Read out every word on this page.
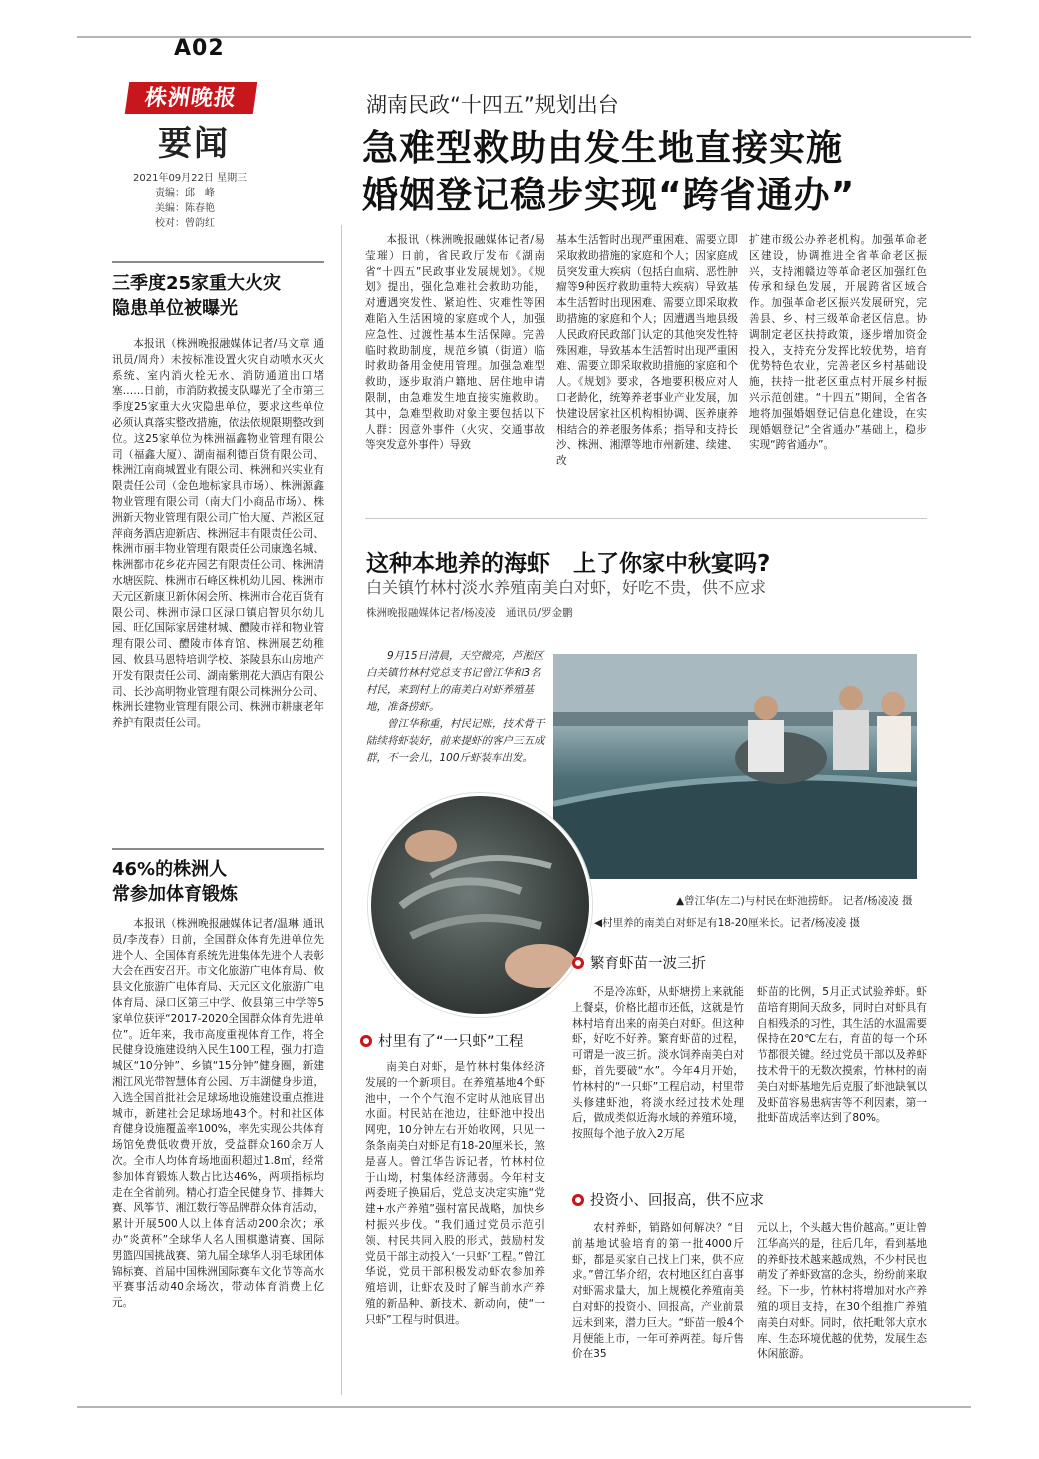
A02
株洲晚报
要闻
2021年09月22日 星期三
责编：邱　峰
美编：陈春艳
校对：曾韵红
湖南民政“十四五”规划出台
急难型救助由发生地直接实施
婚姻登记稳步实现“跨省通办”

本报讯（株洲晚报融媒体记者/易莹璀）日前，省民政厅发布《湖南省“十四五”民政事业发展规划》。《规划》提出，强化急难社会救助功能，对遭遇突发性、紧迫性、灾难性等困难陷入生活困境的家庭或个人，加强应急性、过渡性基本生活保障。完善临时救助制度，规范乡镇（街道）临时救助备用金使用管理。加强急难型救助，逐步取消户籍地、居住地申请限制，由急难发生地直接实施救助。其中，急难型救助对象主要包括以下人群：因意外事件（火灾、交通事故等突发意外事件）导致

基本生活暂时出现严重困难、需要立即采取救助措施的家庭和个人；因家庭成员突发重大疾病（包括白血病、恶性肿瘤等9种医疗救助重特大疾病）导致基本生活暂时出现困难、需要立即采取救助措施的家庭和个人；因遭遇当地县级人民政府民政部门认定的其他突发性特殊困难，导致基本生活暂时出现严重困难、需要立即采取救助措施的家庭和个人。《规划》要求，各地要积极应对人口老龄化，统筹养老事业产业发展，加快建设居家社区机构相协调、医养康养相结合的养老服务体系；指导和支持长沙、株洲、湘潭等地市州新建、续建、改

扩建市级公办养老机构。加强革命老区建设，协调推进全省革命老区振兴，支持湘赣边等革命老区加强红色传承和绿色发展，开展跨省区域合作。加强革命老区振兴发展研究，完善县、乡、村三级革命老区信息。协调制定老区扶持政策，逐步增加资金投入，支持充分发挥比较优势，培育优势特色农业，完善老区乡村基础设施，扶持一批老区重点村开展乡村振兴示范创建。“十四五”期间，全省各地将加强婚姻登记信息化建设，在实现婚姻登记“全省通办”基础上，稳步实现“跨省通办”。

三季度25家重大火灾
隐患单位被曝光

本报讯（株洲晚报融媒体记者/马文章 通讯员/周舟）未按标准设置火灾自动喷水灭火系统、室内消火栓无水、消防通道出口堵塞……日前，市消防救援支队曝光了全市第三季度25家重大火灾隐患单位，要求这些单位必须认真落实整改措施，依法依规限期整改到位。这25家单位为株洲福鑫物业管理有限公司（福鑫大厦）、湖南福利德百货有限公司、株洲江南商城置业有限公司、株洲和兴实业有限责任公司（金色地标家具市场）、株洲源鑫物业管理有限公司（南大门小商品市场）、株洲新天物业管理有限公司广怡大厦、芦淞区冠萍商务酒店迎新店、株洲冠丰有限责任公司、株洲市丽丰物业管理有限责任公司康逸名城、株洲都市花乡花卉园艺有限责任公司、株洲清水塘医院、株洲市石峰区株机幼儿园、株洲市天元区新康卫新休闲会所、株洲市合花百货有限公司、株洲市渌口区渌口镇启智贝尔幼儿园、旺亿国际家居建材城、醴陵市祥和物业管理有限公司、醴陵市体育馆、株洲展艺幼稚园、攸县马恩特培训学校、茶陵县东山房地产开发有限责任公司、湖南紫荆花大酒店有限公司、长沙高明物业管理有限公司株洲分公司、株洲长建物业管理有限公司、株洲市耕康老年养护有限责任公司。

46%的株洲人
常参加体育锻炼

本报讯（株洲晚报融媒体记者/温琳 通讯员/李茂春）日前，全国群众体育先进单位先进个人、全国体育系统先进集体先进个人表彰大会在西安召开。市文化旅游广电体育局、攸县文化旅游广电体育局、天元区文化旅游广电体育局、渌口区第三中学、攸县第三中学等5家单位获评“2017-2020全国群众体育先进单位”。近年来，我市高度重视体育工作，将全民健身设施建设纳入民生100工程，强力打造城区“10分钟”、乡镇“15分钟”健身圈，新建湘江风光带智慧体育公园、万丰湖健身步道，入选全国首批社会足球场地设施建设重点推进城市，新建社会足球场地43个。村和社区体育健身设施覆盖率100%，率先实现公共体育场馆免费低收费开放，受益群众160余万人次。全市人均体育场地面积超过1.8㎡，经常参加体育锻炼人数占比达46%，两项指标均走在全省前列。精心打造全民健身节、排舞大赛、风筝节、湘江数行等品牌群众体育活动，累计开展500人以上体育活动200余次；承办“炎黄杯”全球华人名人围棋邀请赛、国际男篮四国挑战赛、第九届全球华人羽毛球团体锦标赛、首届中国株洲国际赛车文化节等高水平赛事活动40余场次，带动体育消费上亿元。

这种本地养的海虾　上了你家中秋宴吗?
白关镇竹林村淡水养殖南美白对虾，好吃不贵，供不应求
株洲晚报融媒体记者/杨凌凌　通讯员/罗金鹏

9月15日清晨，天空微亮，芦淞区白关镇竹林村党总支书记曾江华和3名村民，来到村上的南美白对虾养殖基地，准备捞虾。

曾江华称重，村民记账，技术骨干陆续将虾装好，前来提虾的客户三五成群，不一会儿，100斤虾装车出发。

▲曾江华(左二)与村民在虾池捞虾。 记者/杨凌凌 摄
◀村里养的南美白对虾足有18-20厘米长。记者/杨凌凌 摄
村里有了“一只虾”工程

南美白对虾，是竹林村集体经济发展的一个新项目。在养殖基地4个虾池中，一个个气泡不定时从池底冒出水面。村民站在池边，往虾池中投出网兜，10分钟左右开始收网，只见一条条南美白对虾足有18-20厘米长，煞是喜人。曾江华告诉记者，竹林村位于山坳，村集体经济薄弱。今年村支两委班子换届后，党总支决定实施“党建+水产养殖”强村富民战略，加快乡村振兴步伐。“我们通过党员示范引领、村民共同入股的形式，鼓励村发党员干部主动投入‘一只虾’工程。”曾江华说，党员干部积极发动虾农参加养殖培训，让虾农及时了解当前水产养殖的新品种、新技术、新动向，使“一只虾”工程与时俱进。

繁育虾苗一波三折

不是冷冻虾，从虾塘捞上来就能上餐桌，价格比超市还低，这就是竹林村培育出来的南美白对虾。但这种虾，好吃不好养。繁育虾苗的过程，可谓是一波三折。淡水饲养南美白对虾，首先要破“水”。今年4月开始，竹林村的“一只虾”工程启动，村里带头修建虾池，将淡水经过技术处理后，做成类似近海水域的养殖环境，按照每个池子放入2万尾

虾苗的比例，5月正式试验养虾。虾苗培育期间天敌多，同时白对虾具有自相残杀的习性，其生活的水温需要保持在20℃左右，育苗的每一个环节都很关键。经过党员干部以及养虾技术骨干的无数次摸索，竹林村的南美白对虾基地先后克服了虾池缺氧以及虾苗容易患病害等不利因素，第一批虾苗成活率达到了80%。

投资小、回报高，供不应求

农村养虾，销路如何解决？“目前基地试验培育的第一批4000斤虾，都是买家自己找上门来，供不应求。”曾江华介绍，农村地区红白喜事对虾需求量大，加上规模化养殖南美白对虾的投资小、回报高，产业前景远未到来，潜力巨大。“虾苗一般4个月便能上市，一年可养两茬。每斤售价在35

元以上，个头越大售价越高。”更让曾江华高兴的是，往后几年，看到基地的养虾技术越来越成熟，不少村民也萌发了养虾致富的念头，纷纷前来取经。下一步，竹林村将增加对水产养殖的项目支持，在30个组推广养殖南美白对虾。同时，依托毗邻大京水库、生态环境优越的优势，发展生态休闲旅游。
